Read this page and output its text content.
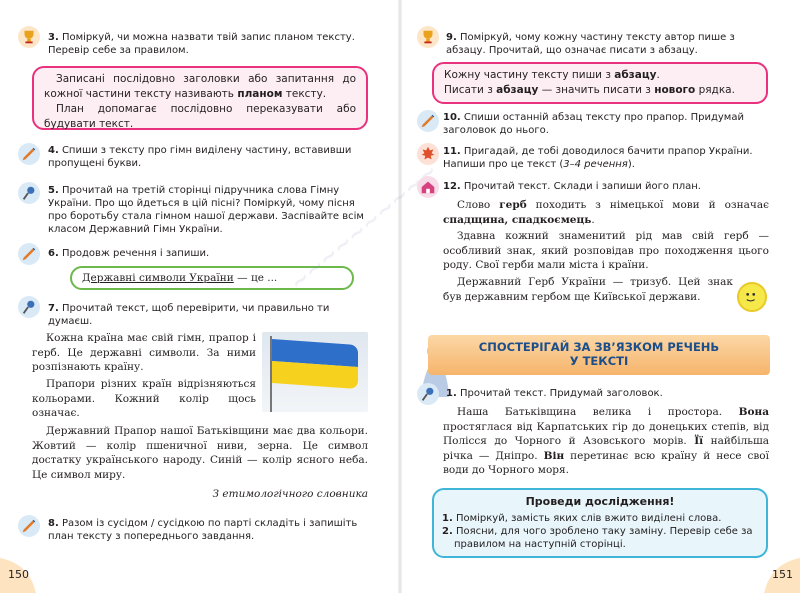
3. Поміркуй, чи можна назвати твій запис планом тексту. Перевір себе за правилом.
Записані послідовно заголовки або запитання до кожної частини тексту називають планом тексту.
План допомагає послідовно переказувати або будувати текст.
4. Спиши з тексту про гімн виділену частину, вставивши пропущені букви.
5. Прочитай на третій сторінці підручника слова Гімну України. Про що йдеться в цій пісні? Поміркуй, чому пісня про боротьбу стала гімном нашої держави. Заспівайте всім класом Державний Гімн України.
6. Продовж речення і запиши.
Державні символи України — це ...
7. Прочитай текст, щоб перевірити, чи правильно ти думаєш.
Кожна країна має свій гімн, прапор і герб. Це державні символи. За ними розпізнають країну.
Прапори різних країн відрізняються кольорами. Кожний колір щось означає.
Державний Прапор нашої Батьківщини має два кольори. Жовтий — колір пшеничної ниви, зерна. Це символ достатку українського народу. Синій — колір ясного неба. Це символ миру.
З етимологічного словника
8. Разом із сусідом / сусідкою по парті складіть і запишіть план тексту з попереднього завдання.
150
~~~~~~~~~~
9. Поміркуй, чому кожну частину тексту автор пише з абзацу. Прочитай, що означає писати з абзацу.
Кожну частину тексту пиши з абзацу.
Писати з абзацу — значить писати з нового рядка.
10. Спиши останній абзац тексту про прапор. Придумай заголовок до нього.
11. Пригадай, де тобі доводилося бачити прапор України. Напиши про це текст (3–4 речення).
12. Прочитай текст. Склади і запиши його план.
Слово герб походить з німецької мови й означає спадщина, спадкоємець.
Здавна кожний знаменитий рід мав свій герб — особливий знак, який розповідав про походження цього роду. Свої герби мали міста і країни.
Державний Герб України — тризуб. Цей знак був державним гербом ще Київської держави.
СПОСТЕРІГАЙ ЗА ЗВ’ЯЗКОМ РЕЧЕНЬ
У ТЕКСТІ
1. Прочитай текст. Придумай заголовок.
Наша Батьківщина велика і простора. Вона простяглася від Карпатських гір до донецьких степів, від Полісся до Чорного й Азовського морів. Її найбільша річка — Дніпро. Він перетинає всю країну й несе свої води до Чорного моря.
Проведи дослідження!
1. Поміркуй, замість яких слів вжито виділені слова.
2. Поясни, для чого зроблено таку заміну. Перевір себе за правилом на наступній сторінці.
151
